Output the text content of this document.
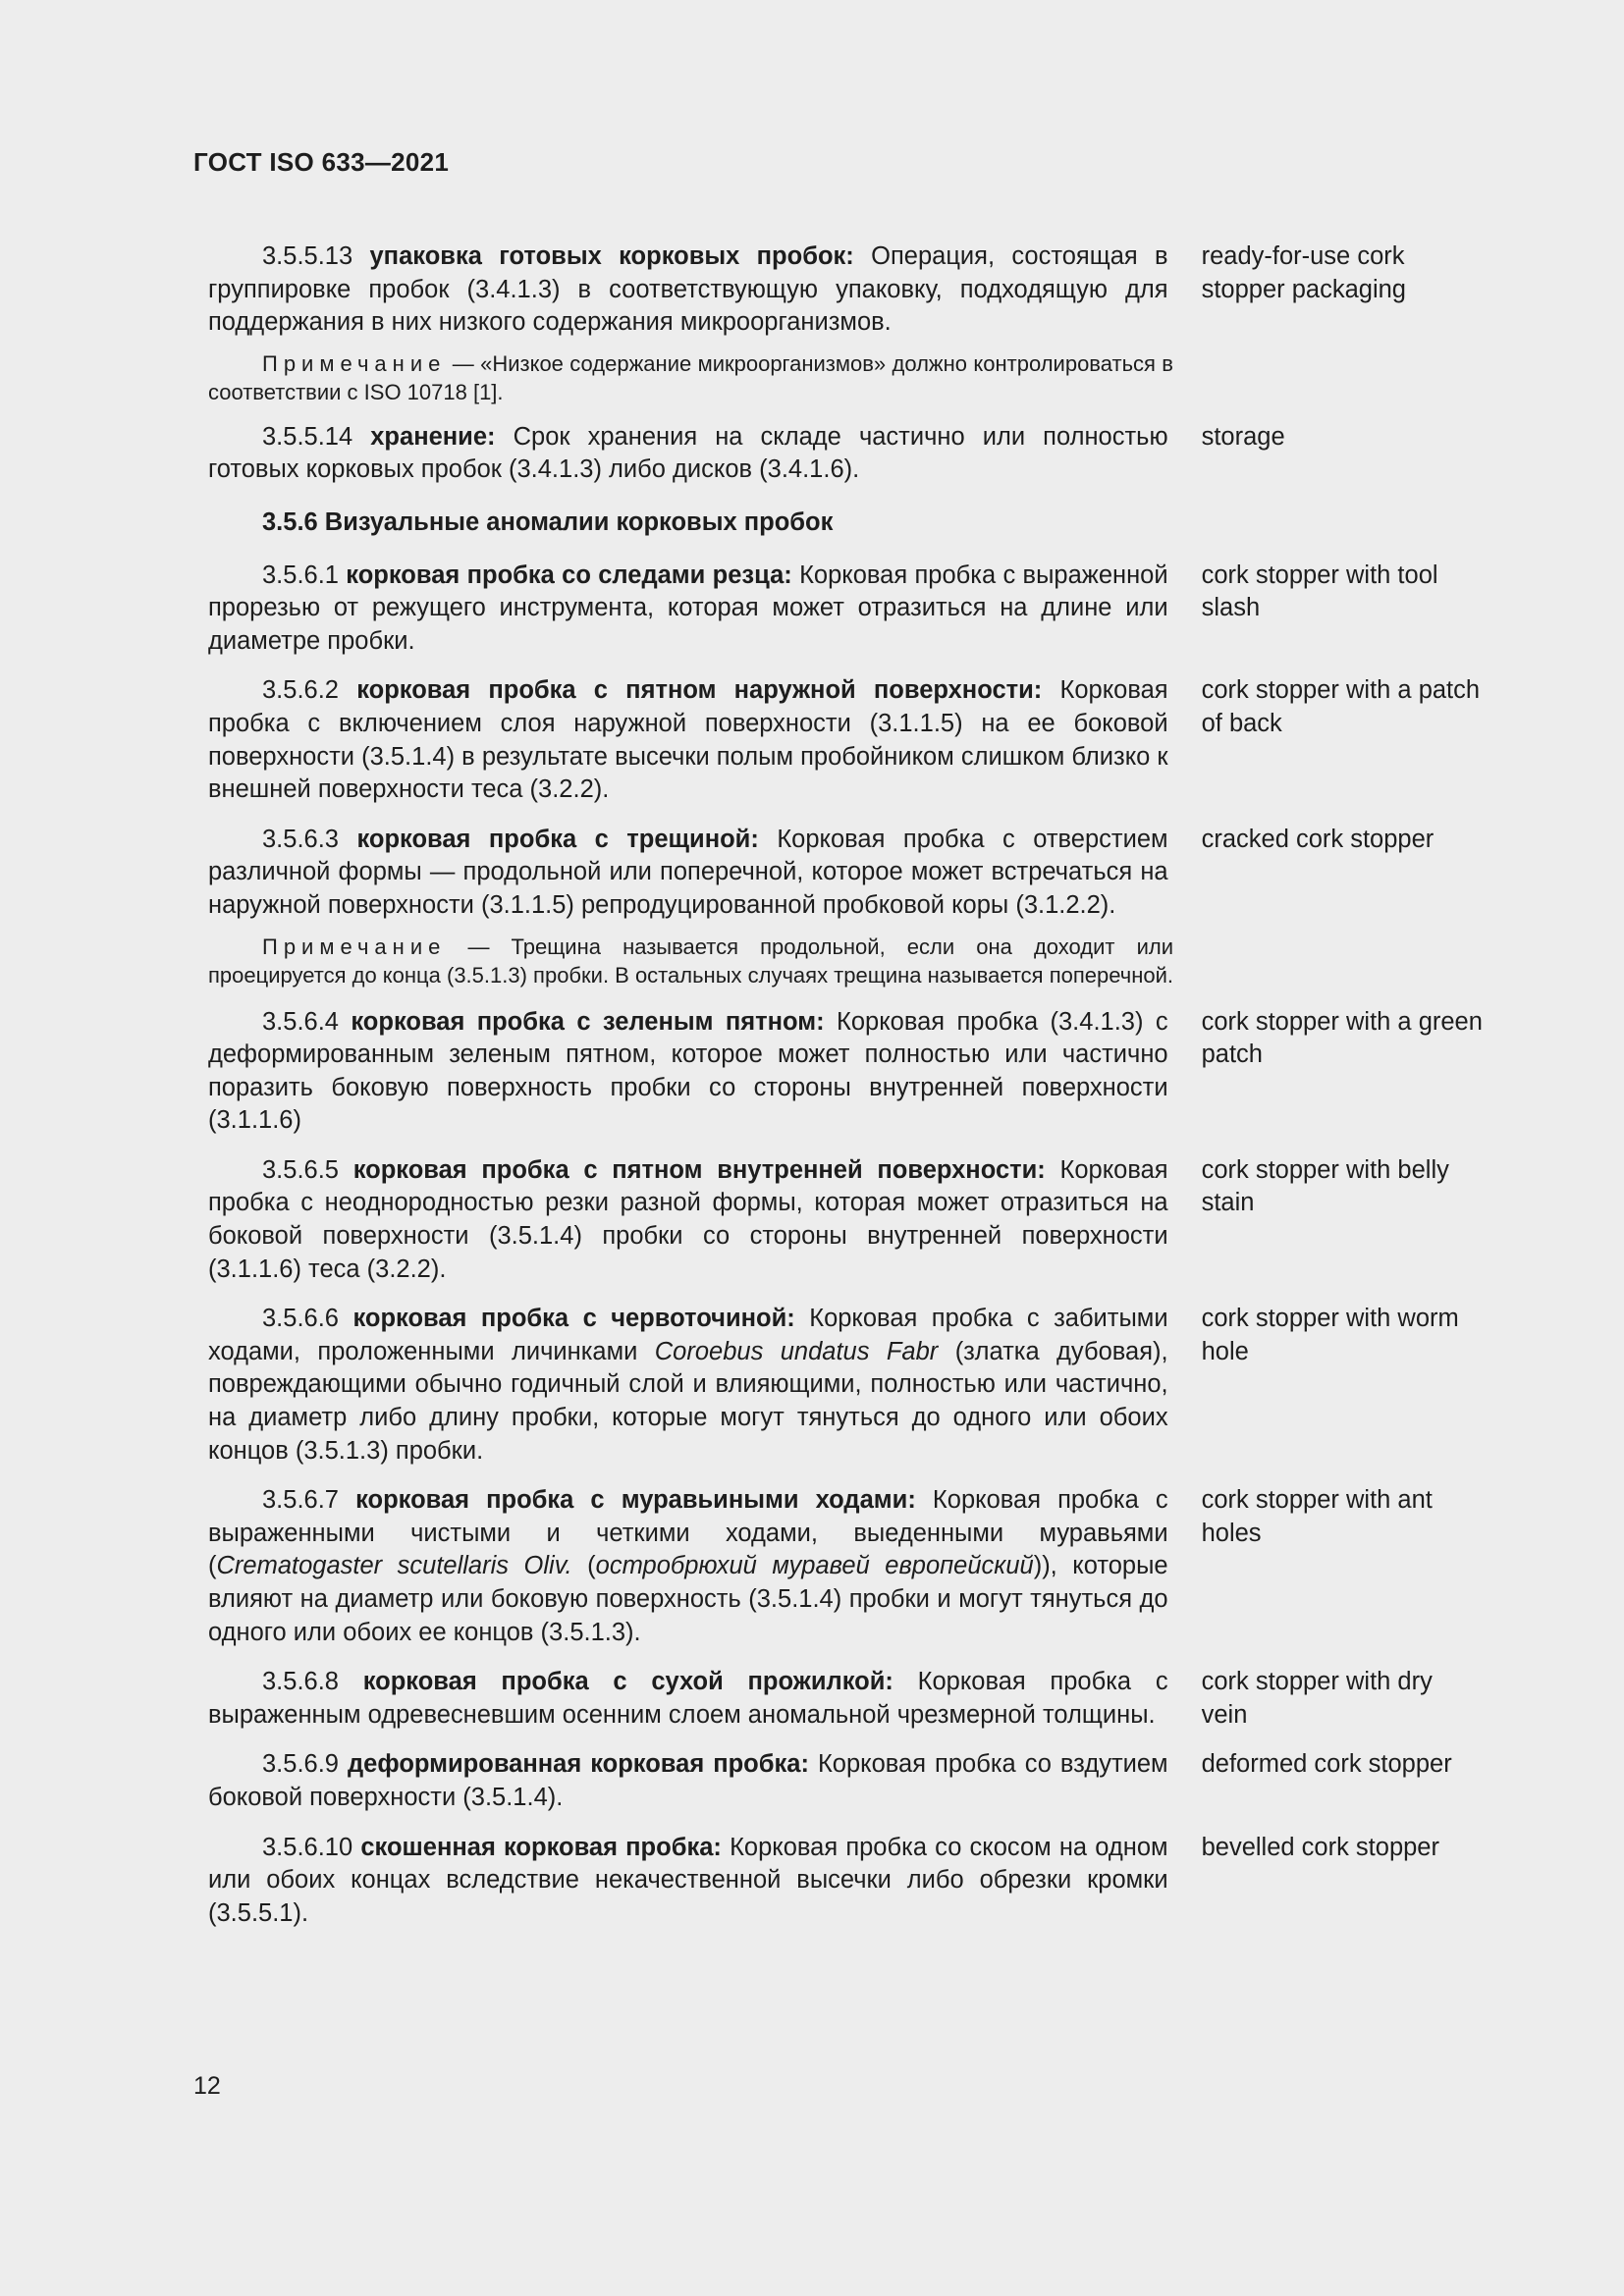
ГОСТ ISO 633—2021
3.5.5.13 упаковка готовых корковых пробок: Операция, состоящая в группировке пробок (3.4.1.3) в соответствующую упаковку, подходящую для поддержания в них низкого содержания микроорганизмов.
ready-for-use cork stopper packaging
Примечание — «Низкое содержание микроорганизмов» должно контролироваться в соответствии с ISO 10718 [1].
3.5.5.14 хранение: Срок хранения на складе частично или полностью готовых корковых пробок (3.4.1.3) либо дисков (3.4.1.6).
storage
3.5.6 Визуальные аномалии корковых пробок
3.5.6.1 корковая пробка со следами резца: Корковая пробка с выраженной прорезью от режущего инструмента, которая может отразиться на длине или диаметре пробки.
cork stopper with tool slash
3.5.6.2 корковая пробка с пятном наружной поверхности: Корковая пробка с включением слоя наружной поверхности (3.1.1.5) на ее боковой поверхности (3.5.1.4) в результате высечки полым пробойником слишком близко к внешней поверхности теса (3.2.2).
cork stopper with a patch of back
3.5.6.3 корковая пробка с трещиной: Корковая пробка с отверстием различной формы — продольной или поперечной, которое может встречаться на наружной поверхности (3.1.1.5) репродуцированной пробковой коры (3.1.2.2).
cracked cork stopper
Примечание — Трещина называется продольной, если она доходит или проецируется до конца (3.5.1.3) пробки. В остальных случаях трещина называется поперечной.
3.5.6.4 корковая пробка с зеленым пятном: Корковая пробка (3.4.1.3) с деформированным зеленым пятном, которое может полностью или частично поразить боковую поверхность пробки со стороны внутренней поверхности (3.1.1.6)
cork stopper with a green patch
3.5.6.5 корковая пробка с пятном внутренней поверхности: Корковая пробка с неоднородностью резки разной формы, которая может отразиться на боковой поверхности (3.5.1.4) пробки со стороны внутренней поверхности (3.1.1.6) теса (3.2.2).
cork stopper with belly stain
3.5.6.6 корковая пробка с червоточиной: Корковая пробка с забитыми ходами, проложенными личинками Coroebus undatus Fabr (златка дубовая), повреждающими обычно годичный слой и влияющими, полностью или частично, на диаметр либо длину пробки, которые могут тянуться до одного или обоих концов (3.5.1.3) пробки.
cork stopper with worm hole
3.5.6.7 корковая пробка с муравьиными ходами: Корковая пробка с выраженными чистыми и четкими ходами, выеденными муравьями (Crematogaster scutellaris Oliv. (остробрюхий муравей европейский)), которые влияют на диаметр или боковую поверхность (3.5.1.4) пробки и могут тянуться до одного или обоих ее концов (3.5.1.3).
cork stopper with ant holes
3.5.6.8 корковая пробка с сухой прожилкой: Корковая пробка с выраженным одревесневшим осенним слоем аномальной чрезмерной толщины.
cork stopper with dry vein
3.5.6.9 деформированная корковая пробка: Корковая пробка со вздутием боковой поверхности (3.5.1.4).
deformed cork stopper
3.5.6.10 скошенная корковая пробка: Корковая пробка со скосом на одном или обоих концах вследствие некачественной высечки либо обрезки кромки (3.5.5.1).
bevelled cork stopper
12
